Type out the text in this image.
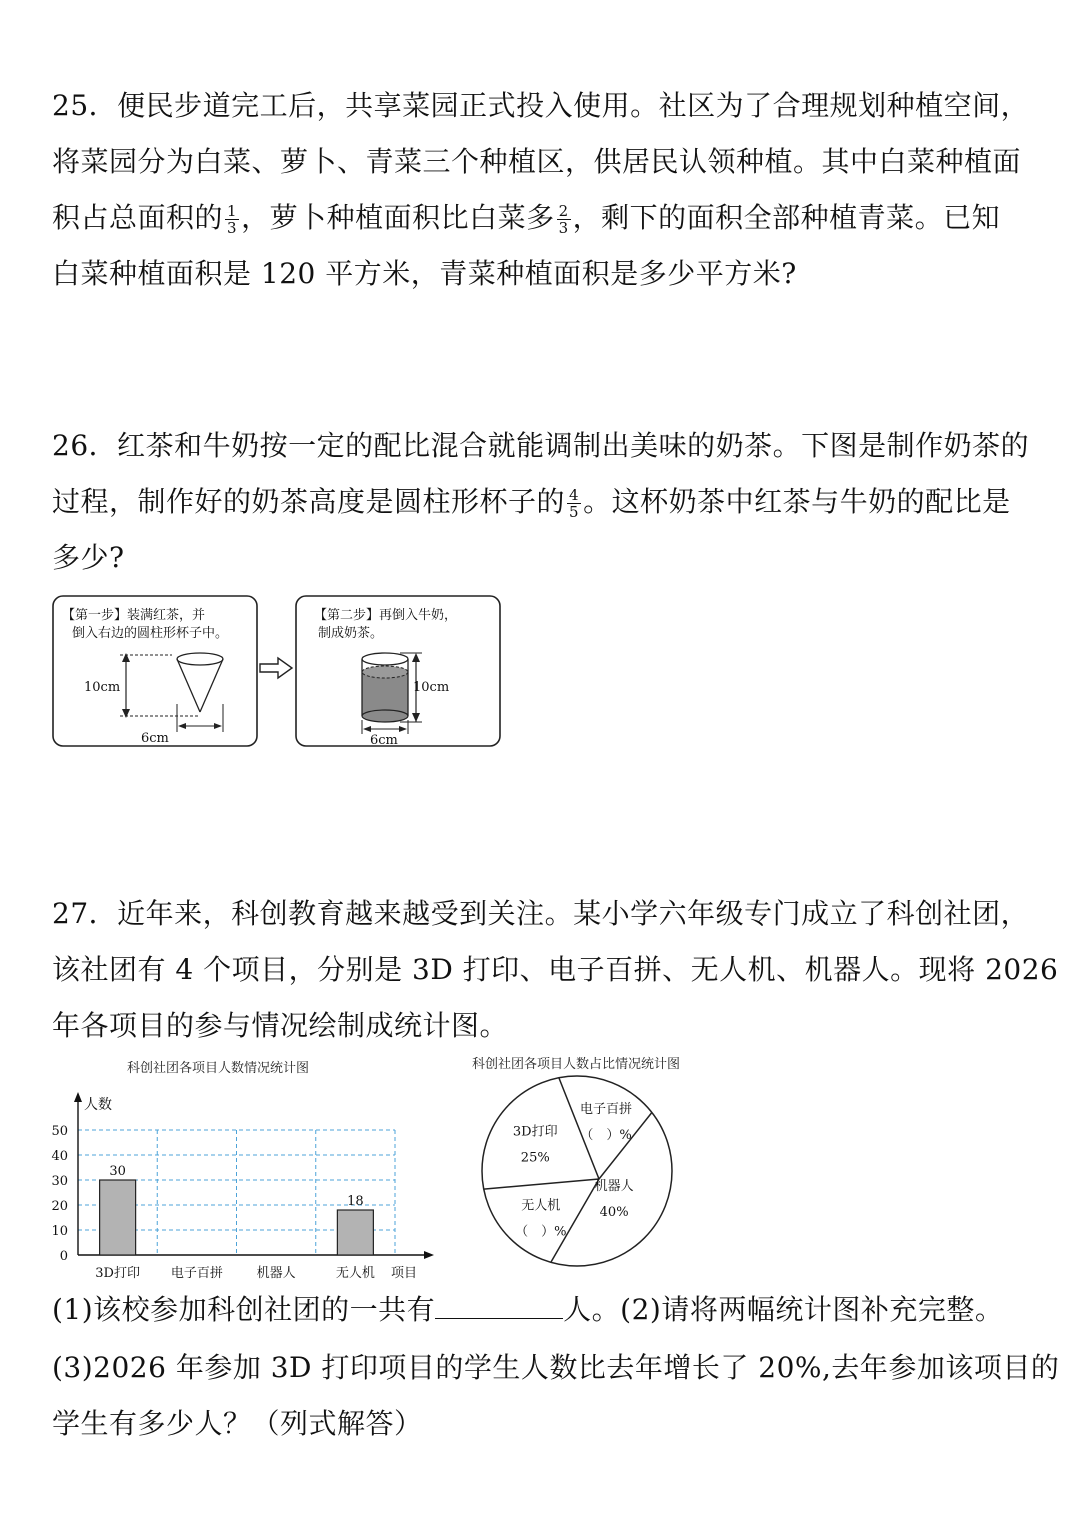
25．便民步道完工后，共享菜园正式投入使用。社区为了合理规划种植空间，
将菜园分为白菜、萝卜、青菜三个种植区，供居民认领种植。其中白菜种植面
积占总面积的 $\frac{1}{3}$ ，萝卜种植面积比白菜多 $\frac{2}{3}$ ，剩下的面积全部种植青菜。已知
白菜种植面积是 120 平方米，青菜种植面积是多少平方米?
26．红茶和牛奶按一定的配比混合就能调制出美味的奶茶。下图是制作奶茶的
过程，制作好的奶茶高度是圆柱形杯子的 $\frac{4}{5}$ 。这杯奶茶中红茶与牛奶的配比是
多少?
【第一步】装满红茶，并
倒入右边的圆柱形杯子中。
10cm
6cm
【第二步】再倒入牛奶，
制成奶茶。
10cm
6cm
27．近年来，科创教育越来越受到关注。某小学六年级专门成立了科创社团，
该社团有 4 个项目，分别是 3D 打印、电子百拼、无人机、机器人。现将 2026
年各项目的参与情况绘制成统计图。
科创社团各项目人数情况统计图
人数
0
10
20
30
40
50
30
3D打印 电子百拼	机器人
18
无人机 项目
科创社团各项目人数占比情况统计图
机器人
40%
无人机
（　）%
3D打印
25%
电子百拼
（　）%
(1)该校参加科创社团的一共有	人。(2)请将两幅统计图补充完整。
(3)2026 年参加 3D 打印项目的学生人数比去年增长了 20%,去年参加该项目的
学生有多少人？（列式解答）
